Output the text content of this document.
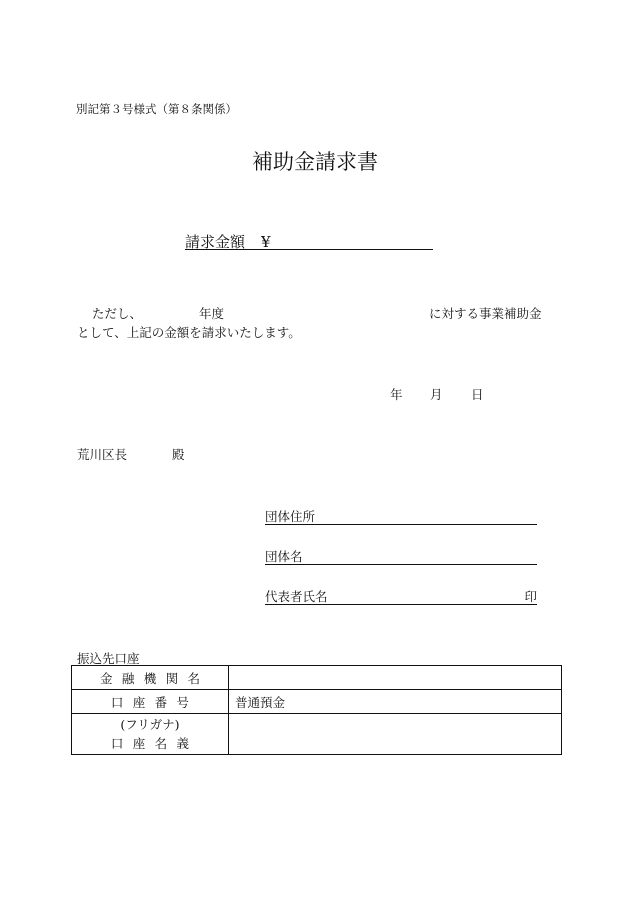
別記第３号様式（第８条関係）
補助金請求書
請求金額 ¥
ただし、	年度	に対する事業補助金
として、上記の金額を請求いたします。
年 月 日
荒川区長	殿
団体住所
団体名
代表者氏名	印
振込先口座
金融機関名	
口座番号	普通預金

(フリガナ)
口座名義	
